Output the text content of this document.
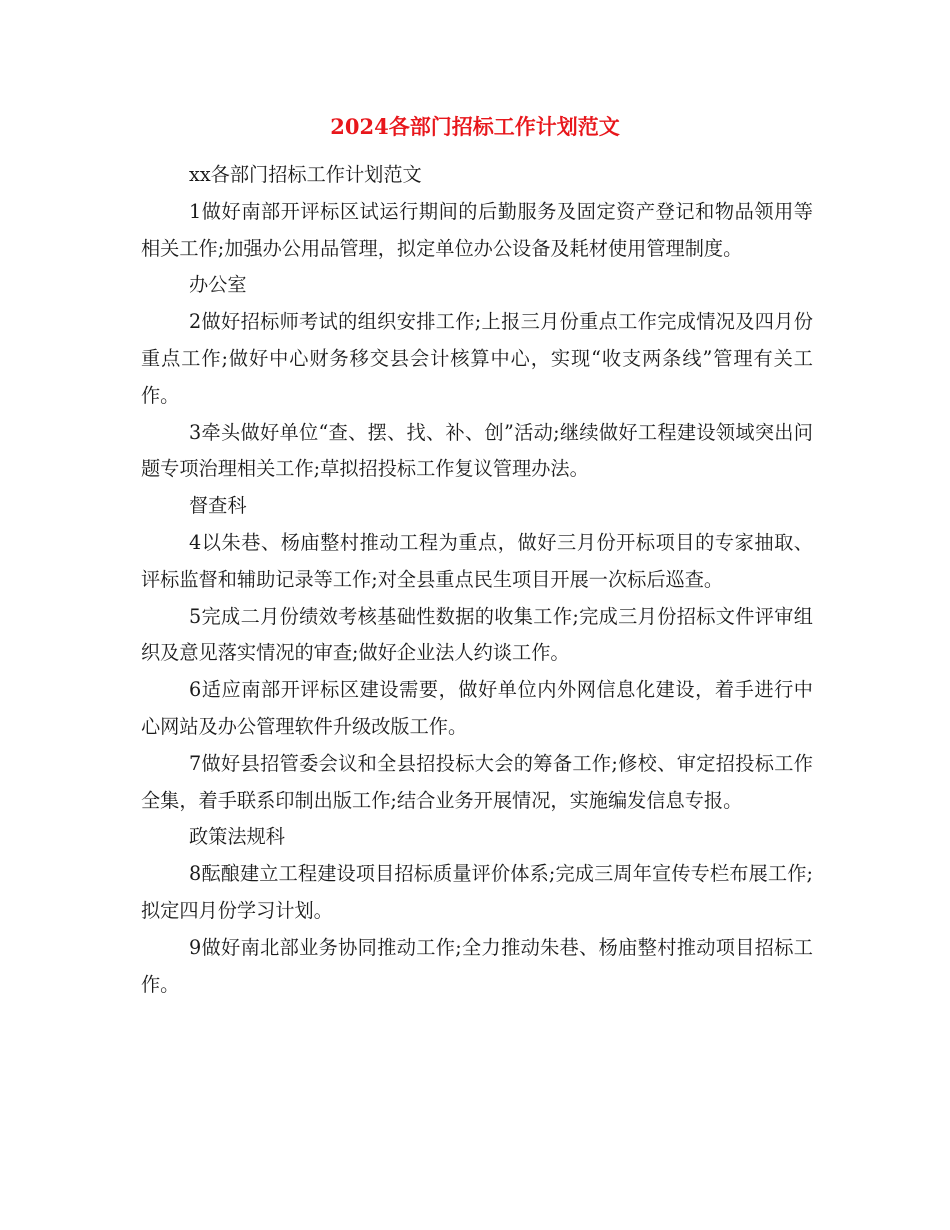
2024各部门招标工作计划范文

xx各部门招标工作计划范文

1做好南部开评标区试运行期间的后勤服务及固定资产登记和物品领用等相关工作;加强办公用品管理，拟定单位办公设备及耗材使用管理制度。

办公室

2做好招标师考试的组织安排工作;上报三月份重点工作完成情况及四月份重点工作;做好中心财务移交县会计核算中心，实现“收支两条线”管理有关工作。

3牵头做好单位“查、摆、找、补、创”活动;继续做好工程建设领域突出问题专项治理相关工作;草拟招投标工作复议管理办法。

督查科

4以朱巷、杨庙整村推动工程为重点，做好三月份开标项目的专家抽取、评标监督和辅助记录等工作;对全县重点民生项目开展一次标后巡查。

5完成二月份绩效考核基础性数据的收集工作;完成三月份招标文件评审组织及意见落实情况的审查;做好企业法人约谈工作。

6适应南部开评标区建设需要，做好单位内外网信息化建设，着手进行中心网站及办公管理软件升级改版工作。

7做好县招管委会议和全县招投标大会的筹备工作;修校、审定招投标工作全集，着手联系印制出版工作;结合业务开展情况，实施编发信息专报。

政策法规科

8酝酿建立工程建设项目招标质量评价体系;完成三周年宣传专栏布展工作;拟定四月份学习计划。

9做好南北部业务协同推动工作;全力推动朱巷、杨庙整村推动项目招标工作。
